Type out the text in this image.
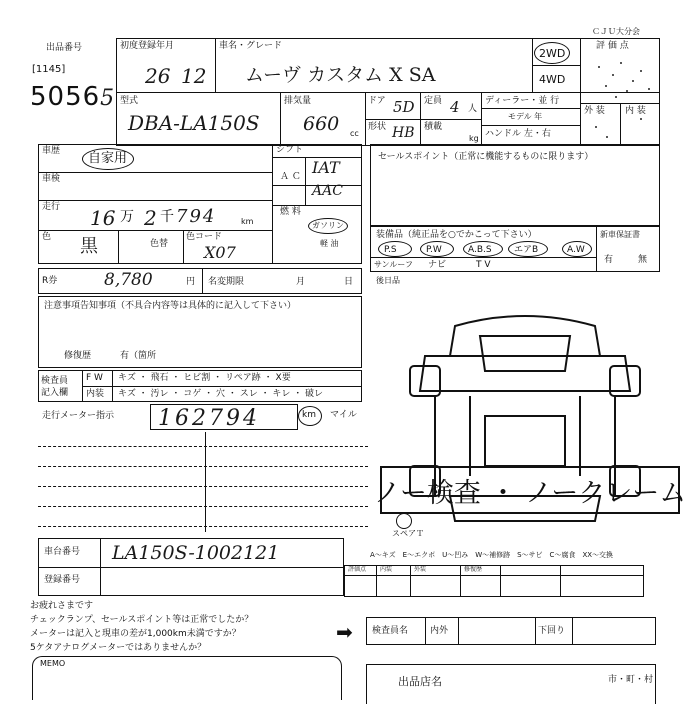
[1145]
出品番号
50565
ＣＪＵ大分会
初度登録年月
26 12
車名・グレード
ムーヴ カスタム X SA
2WD
4WD
評 価 点
型式
DBA-LA150S
排気量
660 cc
ドア 5D 定員 4 人
形状 HB 積載
kg
ディーラー・並 行
モデル 年
ハンドル 左・右
外 装 内 装
車歴 自家用
車検
走行 16 万 2 千 794	km
色 黒	色替
色コード
X07
シフト
IAT
Ａ Ｃ
AAC
燃 料
ガソリン
軽 油
R券	8,780	円 名変期限	月	日
セールスポイント（正常に機能するものに限ります）
装備品（純正品を○でかこって下さい）	新車保証書
P.S	P.W	A.B.S エアB	A.W
サンルーフ ナビ	T V	有	無
後日品
注意事項告知事項（不具合内容等は具体的に記入して下さい）
修復歴	有（箇所
検査員 記入欄
F W キズ ・ 飛石 ・ ヒビ割 ・ リペア跡 ・ X要
内装 キズ ・ 汚レ ・ コゲ ・ 穴 ・ スレ ・ キレ ・ 破レ
走行メーター指示 162794	km マイル
ノー検査 ・ ノークレーム
スペアＴ
A～キズ　E～エクボ　U～凹み　W～補修跡　S～サビ　C～腐食　XX～交換
車台番号 LA150S-1002121
登録番号
評価点 内装	外装	修復歴
お疲れさまです
チェックランプ、セールスポイント等は正常でしたか？
メーターは記入と現車の差が1,000km未満ですか？
5ケタアナログメーターではありませんか？
➡ 検査員名 内外	下回り
MEMO
出品店名	市・町・村
